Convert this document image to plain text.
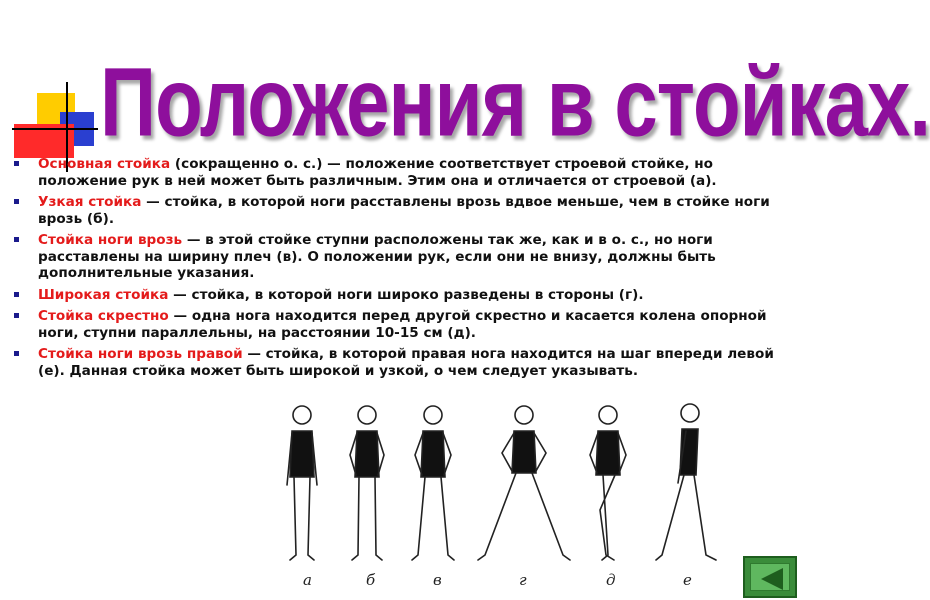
Положения в стойках.
Основная стойка (сокращенно о. с.) — положение соответствует строевой стойке, но положение рук в ней может быть различным. Этим она и отличается от строевой (а).
Узкая стойка — стойка, в которой ноги расставлены врозь вдвое меньше, чем в стойке ноги врозь (б).
Стойка ноги врозь — в этой стойке ступни расположены так же, как и в о. с., но ноги расставлены на ширину плеч (в). О положении рук, если они не внизу, должны быть дополнительные указания.
Широкая стойка — стойка, в которой ноги широко разведены в стороны (г).
Стойка скрестно — одна нога находится перед другой скрестно и касается колена опорной ноги, ступни параллельны, на расстоянии 10-15 см (д).
Стойка ноги врозь правой — стойка, в которой правая нога находится на шаг впереди левой (е). Данная стойка может быть широкой и узкой, о чем следует указывать.
а	б	в	г	д	е
